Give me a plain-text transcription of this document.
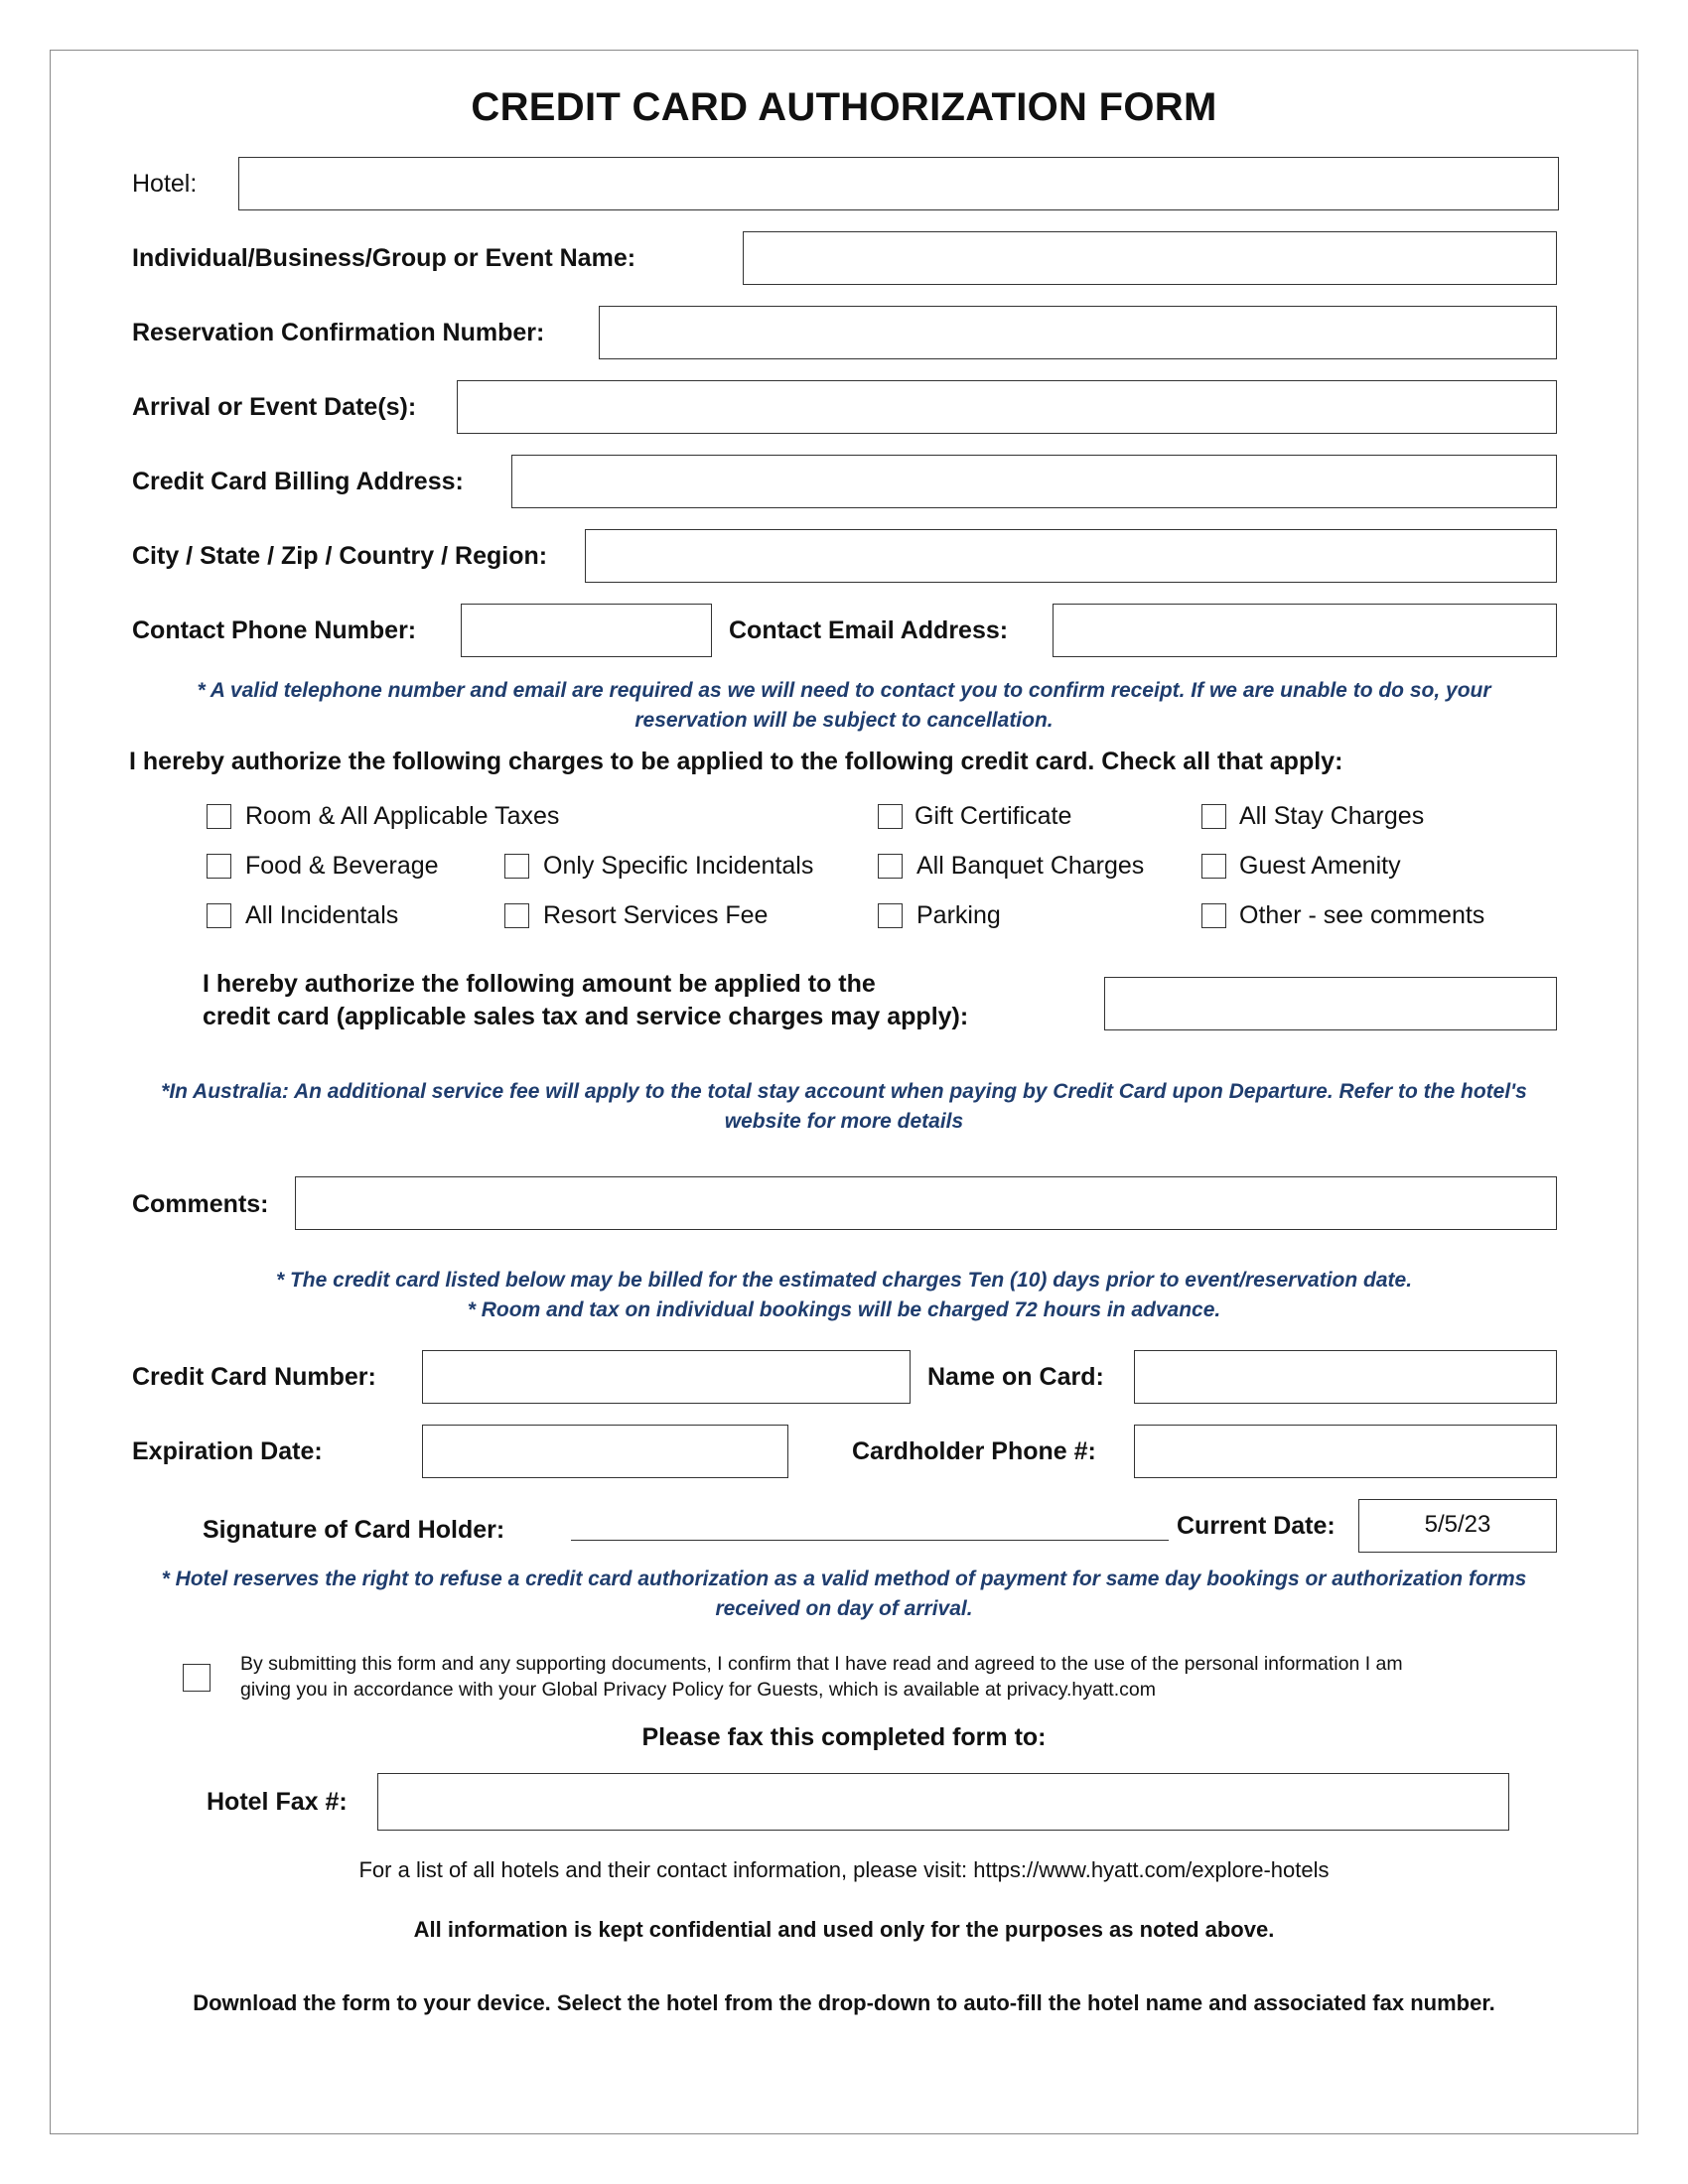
CREDIT CARD AUTHORIZATION FORM
Hotel:
Individual/Business/Group or Event Name:
Reservation Confirmation Number:
Arrival or Event Date(s):
Credit Card Billing Address:
City / State / Zip / Country / Region:
Contact Phone Number:	Contact Email Address:
* A valid telephone number and email are required as we will need to contact you to confirm receipt. If we are unable to do so, your reservation will be subject to cancellation.
I hereby authorize the following charges to be applied to the following credit card. Check all that apply:
Room & All Applicable Taxes	Gift Certificate	All Stay Charges
Food & Beverage	Only Specific Incidentals	All Banquet Charges	Guest Amenity
All Incidentals	Resort Services Fee	Parking	Other - see comments
I hereby authorize the following amount be applied to the
credit card (applicable sales tax and service charges may apply):
*In Australia: An additional service fee will apply to the total stay account when paying by Credit Card upon Departure. Refer to the hotel's website for more details
Comments:
* The credit card listed below may be billed for the estimated charges Ten (10) days prior to event/reservation date.
* Room and tax on individual bookings will be charged 72 hours in advance.
Credit Card Number:	Name on Card:
Expiration Date:	Cardholder Phone #:
Signature of Card Holder:	Current Date:	5/5/23
* Hotel reserves the right to refuse a credit card authorization as a valid method of payment for same day bookings or authorization forms received on day of arrival.
By submitting this form and any supporting documents, I confirm that I have read and agreed to the use of the personal information I am
giving you in accordance with your Global Privacy Policy for Guests, which is available at privacy.hyatt.com
Please fax this completed form to:
Hotel Fax #:
For a list of all hotels and their contact information, please visit: https://www.hyatt.com/explore-hotels
All information is kept confidential and used only for the purposes as noted above.
Download the form to your device. Select the hotel from the drop-down to auto-fill the hotel name and associated fax number.
